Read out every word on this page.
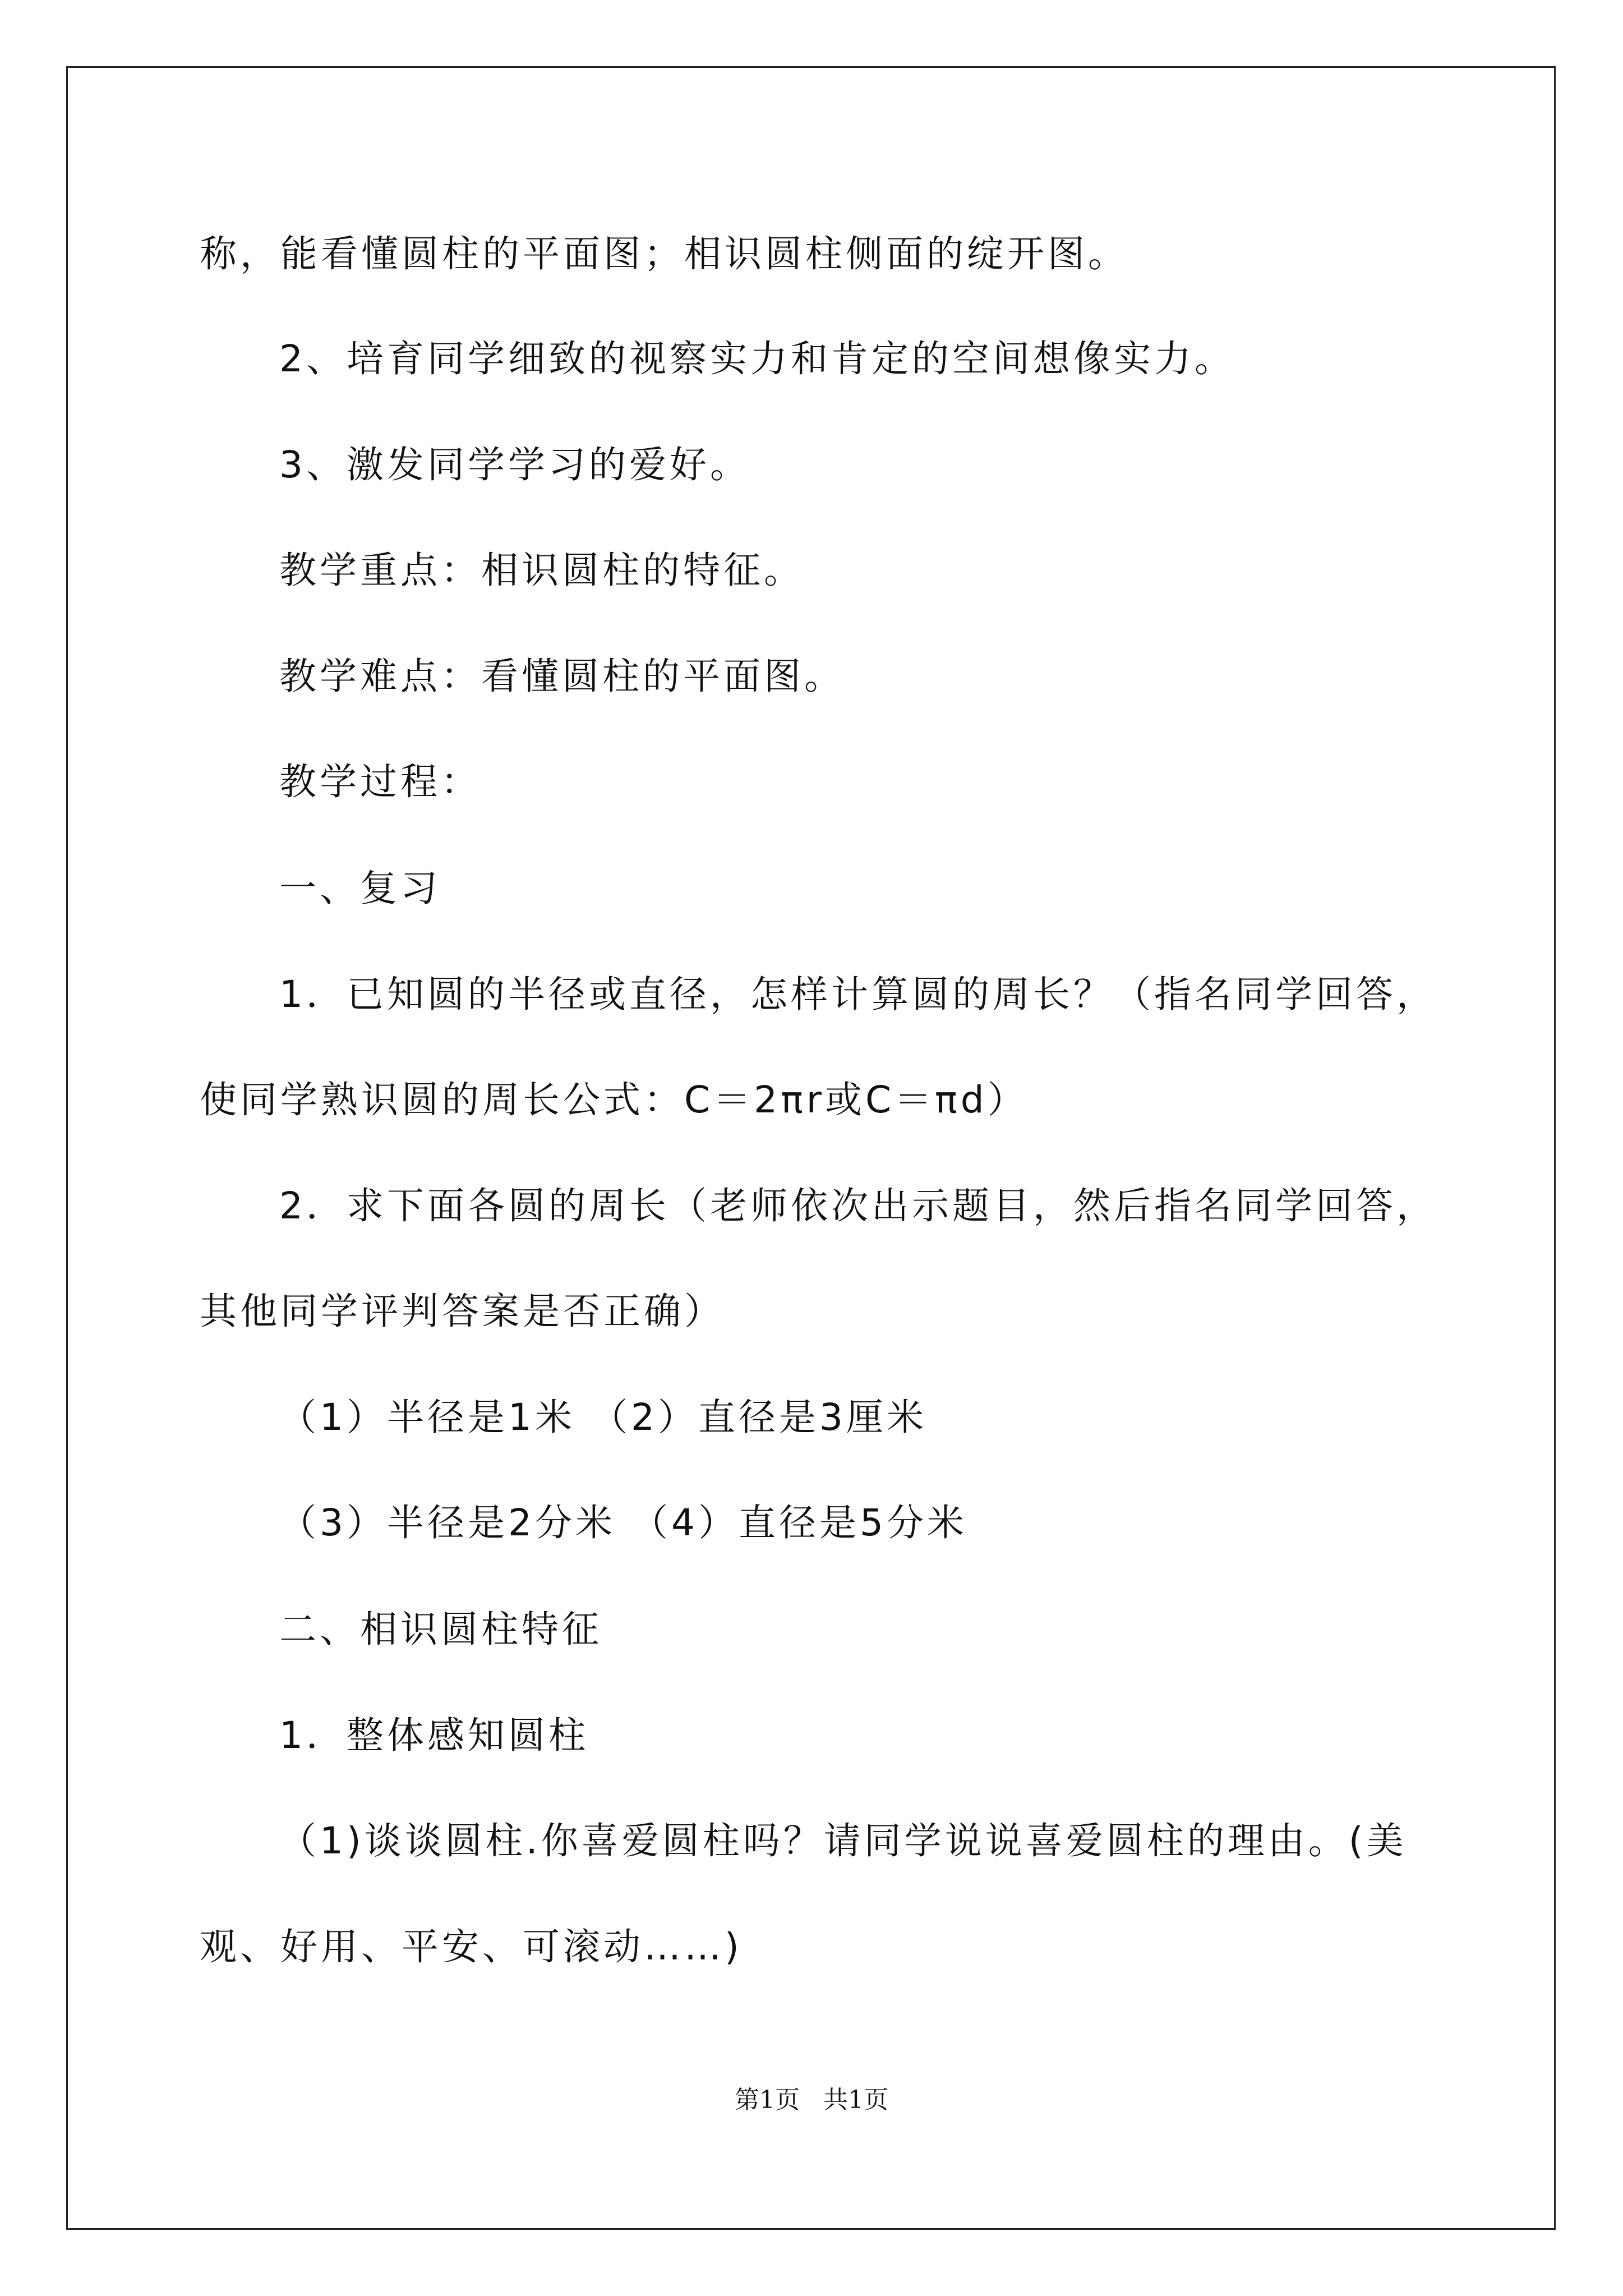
称，能看懂圆柱的平面图；相识圆柱侧面的绽开图。
2、培育同学细致的视察实力和肯定的空间想像实力。
3、激发同学学习的爱好。
教学重点：相识圆柱的特征。
教学难点：看懂圆柱的平面图。
教学过程：
一、复习
1．已知圆的半径或直径，怎样计算圆的周长？（指名同学回答，
使同学熟识圆的周长公式：C＝2πr或C＝πd）
2．求下面各圆的周长（老师依次出示题目，然后指名同学回答，
其他同学评判答案是否正确）
（1）半径是1米 （2）直径是3厘米
（3）半径是2分米 （4）直径是5分米
二、相识圆柱特征
1．整体感知圆柱
（1)谈谈圆柱.你喜爱圆柱吗？请同学说说喜爱圆柱的理由。(美
观、好用、平安、可滚动……)
第1页   共1页
